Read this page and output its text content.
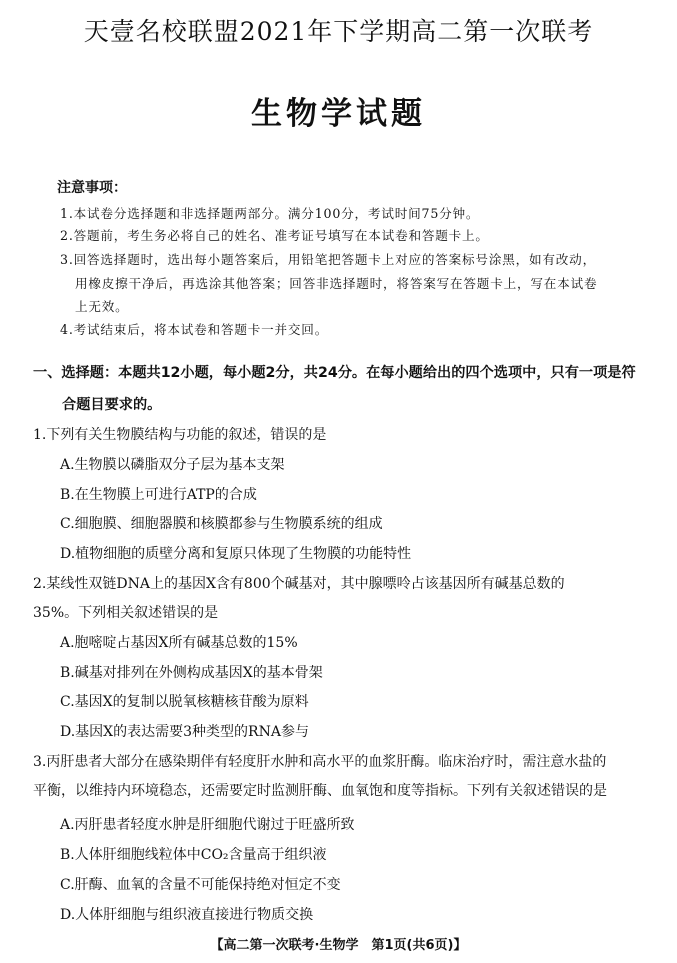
天壹名校联盟2021年下学期高二第一次联考
生物学试题
注意事项：
1.本试卷分选择题和非选择题两部分。满分100分，考试时间75分钟。
2.答题前，考生务必将自己的姓名、准考证号填写在本试卷和答题卡上。
3.回答选择题时，选出每小题答案后，用铅笔把答题卡上对应的答案标号涂黑，如有改动，
用橡皮擦干净后，再选涂其他答案；回答非选择题时，将答案写在答题卡上，写在本试卷
上无效。
4.考试结束后，将本试卷和答题卡一并交回。
一、选择题：本题共12小题，每小题2分，共24分。在每小题给出的四个选项中，只有一项是符
合题目要求的。
1.下列有关生物膜结构与功能的叙述，错误的是
A.生物膜以磷脂双分子层为基本支架
B.在生物膜上可进行ATP的合成
C.细胞膜、细胞器膜和核膜都参与生物膜系统的组成
D.植物细胞的质壁分离和复原只体现了生物膜的功能特性
2.某线性双链DNA上的基因X含有800个碱基对，其中腺嘌呤占该基因所有碱基总数的
35%。下列相关叙述错误的是
A.胞嘧啶占基因X所有碱基总数的15%
B.碱基对排列在外侧构成基因X的基本骨架
C.基因X的复制以脱氧核糖核苷酸为原料
D.基因X的表达需要3种类型的RNA参与
3.丙肝患者大部分在感染期伴有轻度肝水肿和高水平的血浆肝酶。临床治疗时，需注意水盐的
平衡，以维持内环境稳态，还需要定时监测肝酶、血氧饱和度等指标。下列有关叙述错误的是
A.丙肝患者轻度水肿是肝细胞代谢过于旺盛所致
B.人体肝细胞线粒体中CO₂含量高于组织液
C.肝酶、血氧的含量不可能保持绝对恒定不变
D.人体肝细胞与组织液直接进行物质交换
【高二第一次联考·生物学　第1页(共6页)】
